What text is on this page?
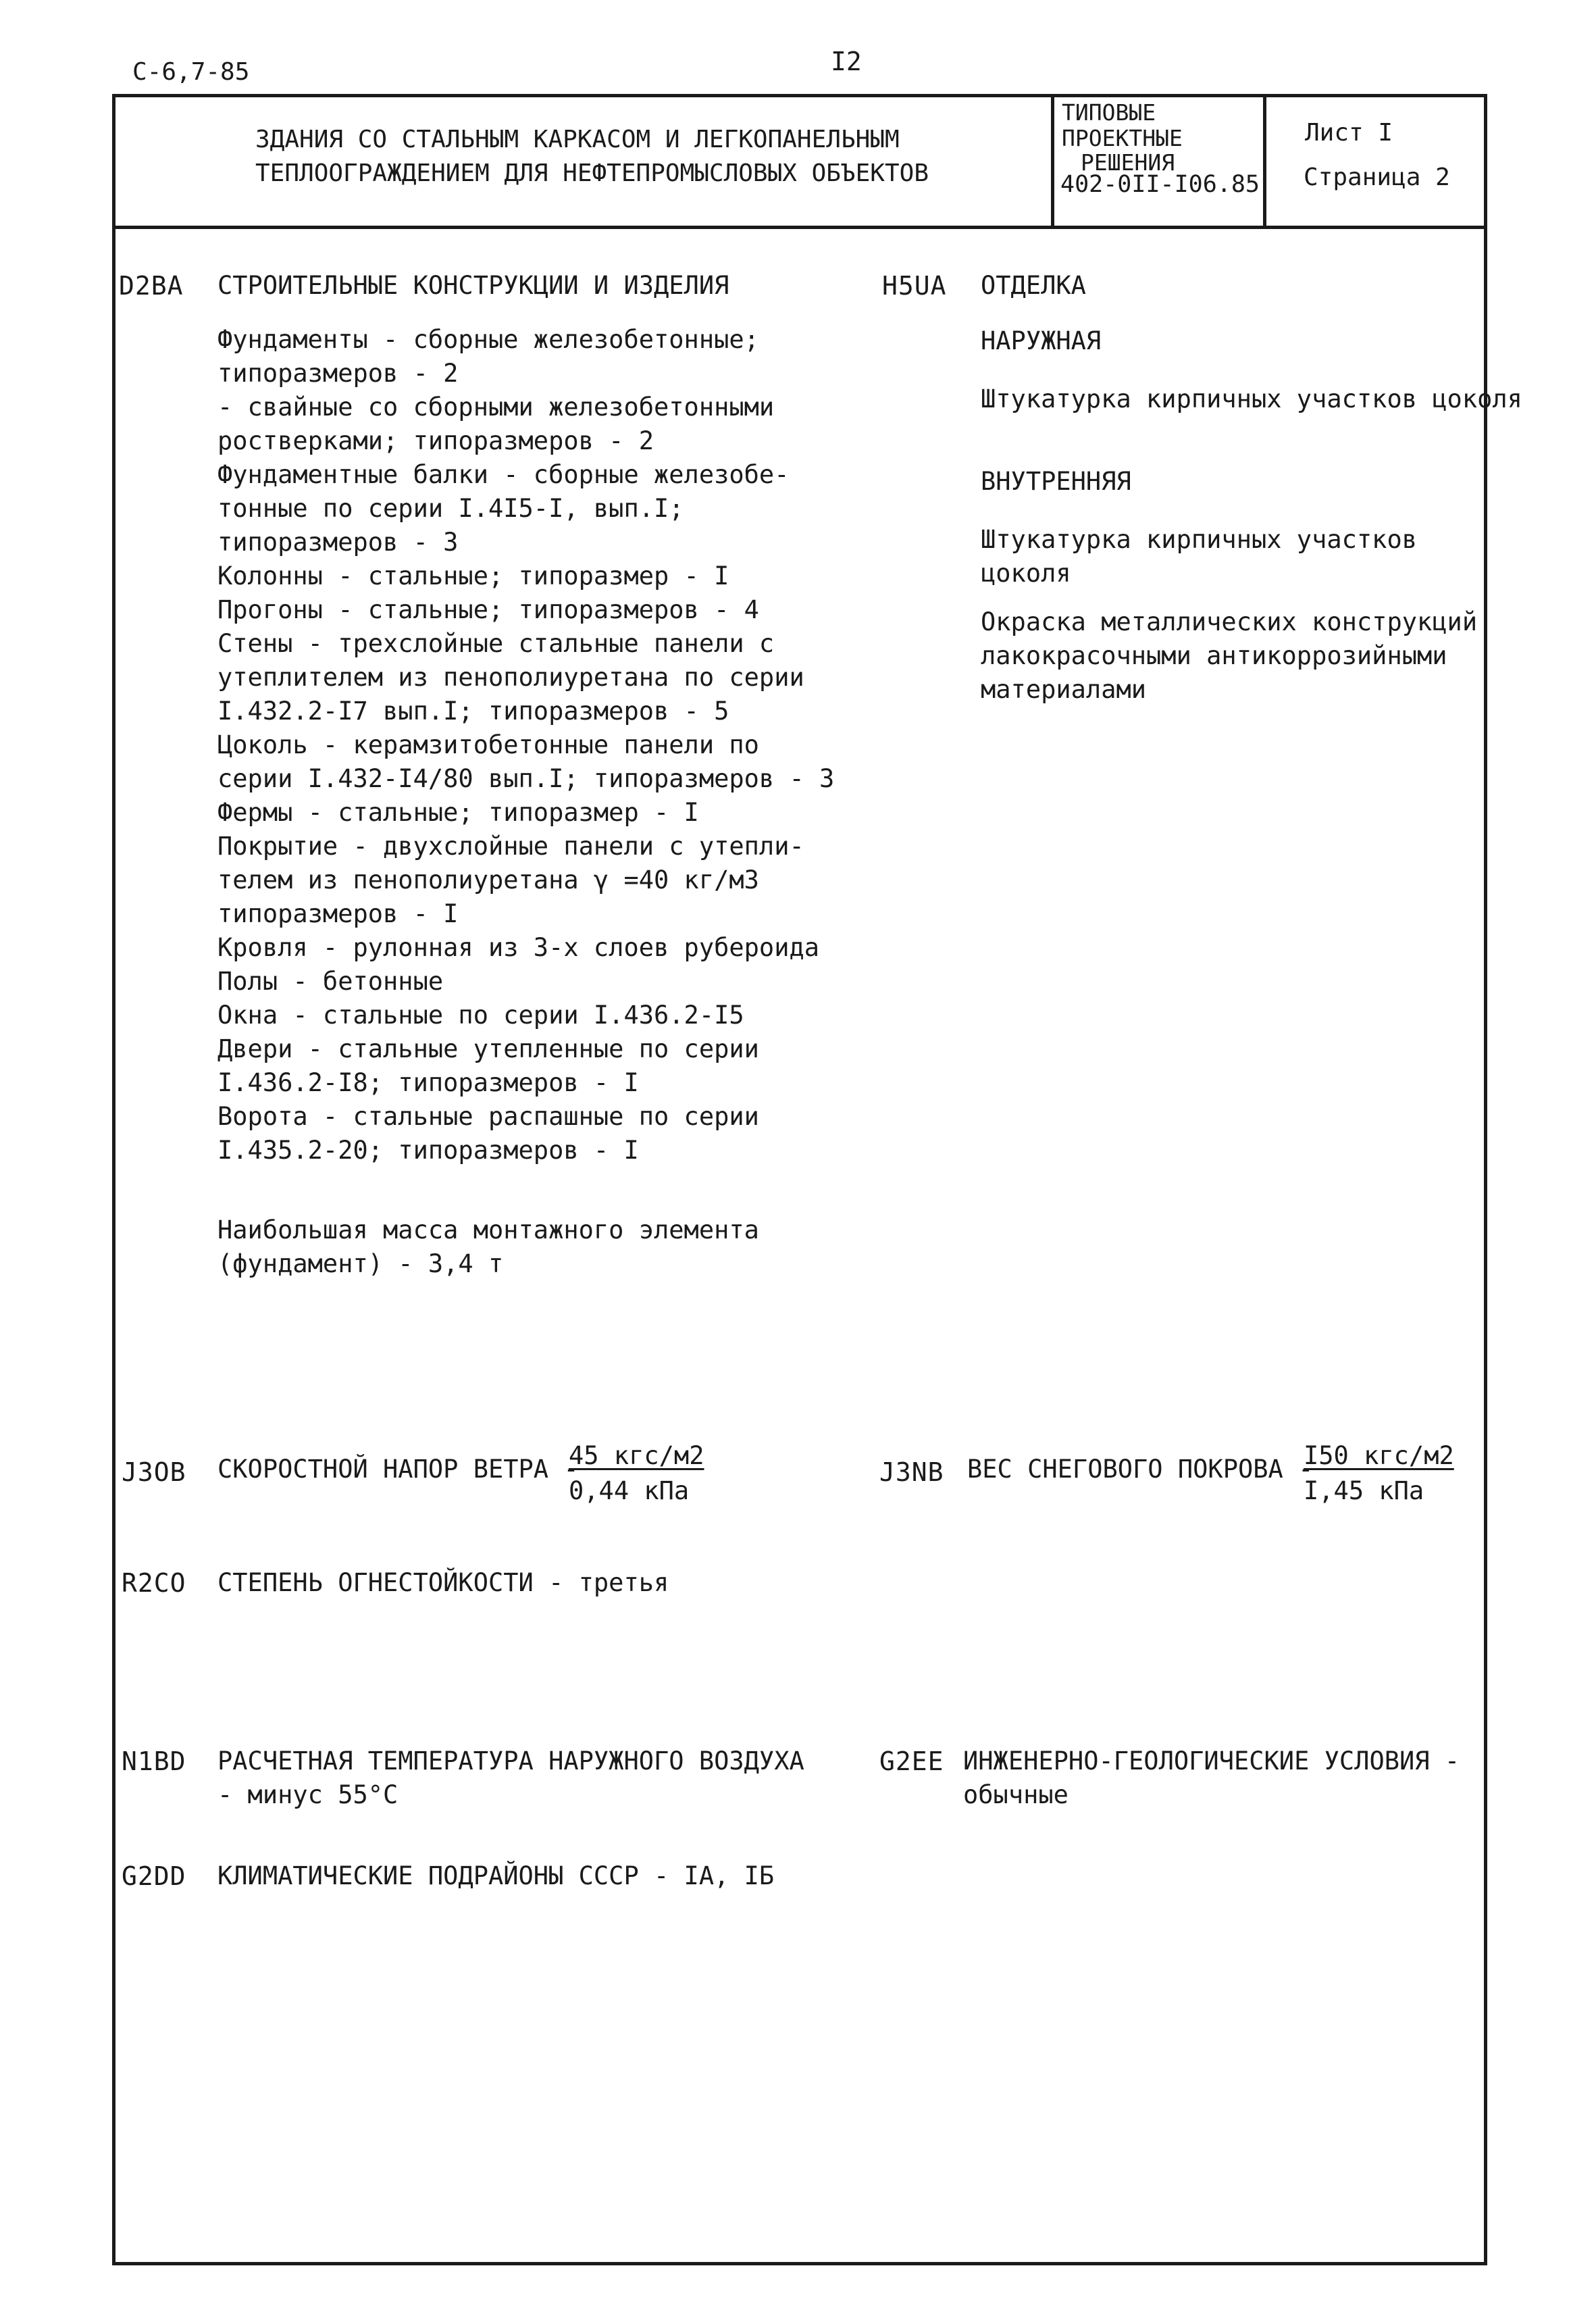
С-6,7-85	I2
ЗДАНИЯ СО СТАЛЬНЫМ КАРКАСОМ И ЛЕГКОПАНЕЛЬНЫМ
ТЕПЛООГРАЖДЕНИЕМ ДЛЯ НЕФТЕПРОМЫСЛОВЫХ ОБЪЕКТОВ
ТИПОВЫЕ
ПРОЕКТНЫЕ
РЕШЕНИЯ
402-0II-I06.85
Лист I
Страница 2
D2BA СТРОИТЕЛЬНЫЕ КОНСТРУКЦИИ И ИЗДЕЛИЯ
Фундаменты - сборные железобетонные;
типоразмеров - 2
- свайные со сборными железобетонными
ростверками; типоразмеров - 2
Фундаментные балки - сборные железобе-
тонные по серии I.4I5-I, вып.I;
типоразмеров - 3
Колонны - стальные; типоразмер - I
Прогоны - стальные; типоразмеров - 4
Стены - трехслойные стальные панели с
утеплителем из пенополиуретана по серии
I.432.2-I7 вып.I; типоразмеров - 5
Цоколь - керамзитобетонные панели по
серии I.432-I4/80 вып.I; типоразмеров - 3
Фермы - стальные; типоразмер - I
Покрытие - двухслойные панели с утепли-
телем из пенополиуретана γ =40 кг/м3
типоразмеров - I
Кровля - рулонная из 3-х слоев рубероида
Полы - бетонные
Окна - стальные по серии I.436.2-I5
Двери - стальные утепленные по серии
I.436.2-I8; типоразмеров - I
Ворота - стальные распашные по серии
I.435.2-20; типоразмеров - I
Наибольшая масса монтажного элемента
(фундамент) - 3,4 т
H5UA ОТДЕЛКА
НАРУЖНАЯ
Штукатурка кирпичных участков цоколя
ВНУТРЕННЯЯ
Штукатурка кирпичных участков
цоколя
Окраска металлических конструкций
лакокрасочными антикоррозийными
материалами
J3OB СКОРОСТНОЙ НАПОР ВЕТРА -
45 кгс/м2
0,44 кПа
J3NB ВЕС СНЕГОВОГО ПОКРОВА -
I50 кгс/м2
I,45 кПа
R2CO СТЕПЕНЬ ОГНЕСТОЙКОСТИ - третья
N1BD РАСЧЕТНАЯ ТЕМПЕРАТУРА НАРУЖНОГО ВОЗДУХА
- минус 55°С
G2EE ИНЖЕНЕРНО-ГЕОЛОГИЧЕСКИЕ УСЛОВИЯ -
обычные
G2DD КЛИМАТИЧЕСКИЕ ПОДРАЙОНЫ СССР - IА, IБ
